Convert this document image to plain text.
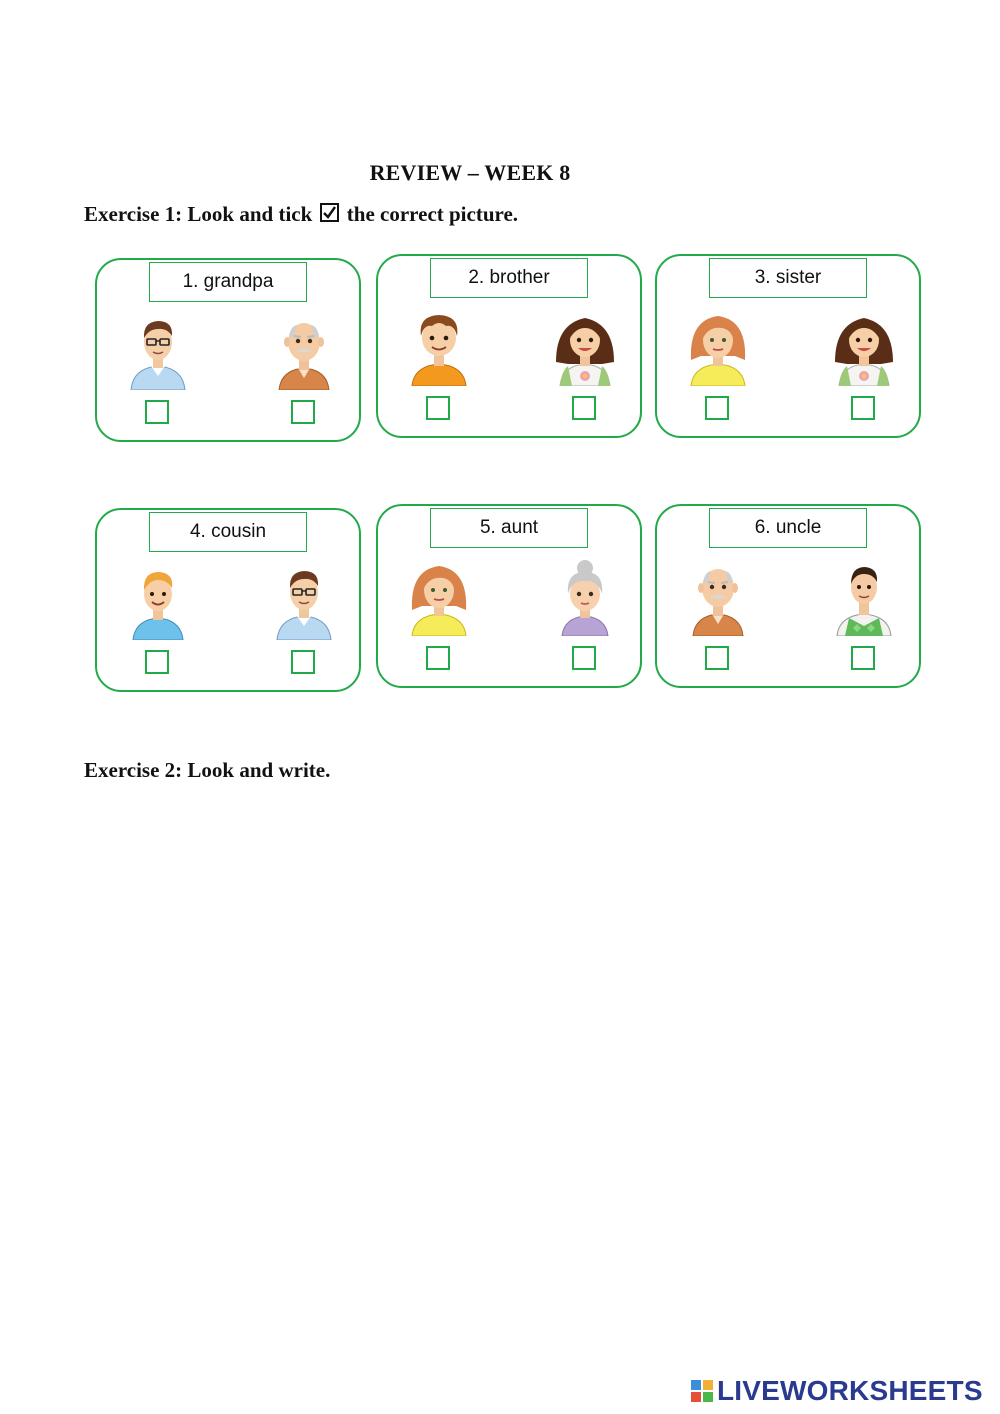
REVIEW – WEEK 8
Exercise 1: Look and tick the correct picture.
1. grandpa	2. brother	3. sister
4. cousin	5. aunt	6. uncle
Exercise 2: Look and write.
LIVEWORKSHEETS
